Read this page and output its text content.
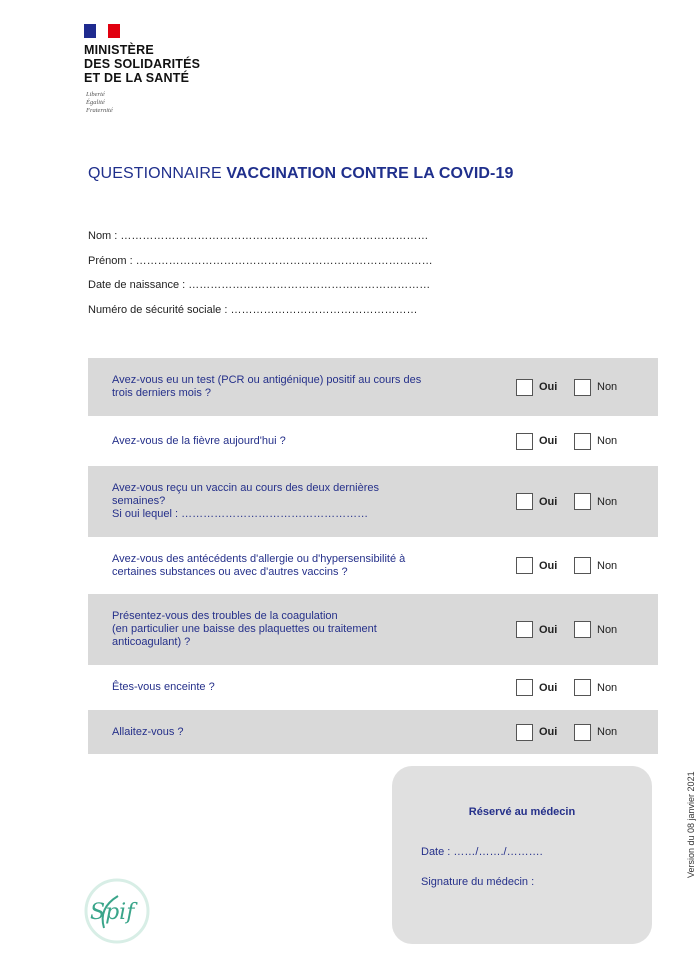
MINISTÈRE
DES SOLIDARITÉS
ET DE LA SANTÉ
Liberté
Égalité
Fraternité
QUESTIONNAIRE VACCINATION CONTRE LA COVID-19
Nom : …………………………………………………………………………
Prénom : ………………………………………………………………………
Date de naissance : …………………………………………………………
Numéro de sécurité sociale : ……………………………………………
Avez-vous eu un test (PCR ou antigénique) positif au cours des
trois derniers mois ?	Oui	Non
Avez-vous de la fièvre aujourd'hui ?	Oui	Non
Avez-vous reçu un vaccin au cours des deux dernières
semaines?
Si oui lequel : ……………………………………………
Oui	Non
Avez-vous des antécédents d'allergie ou d'hypersensibilité à
certaines substances ou avec d'autres vaccins ?	Oui	Non
Présentez-vous des troubles de la coagulation
(en particulier une baisse des plaquettes ou traitement
anticoagulant) ?
Oui	Non
Êtes-vous enceinte ?	Oui	Non
Allaitez-vous ?	Oui	Non
Réservé au médecin
Date : ……/……./……….
Signature du médecin :
Version du 08 janvier 2021
Spif
